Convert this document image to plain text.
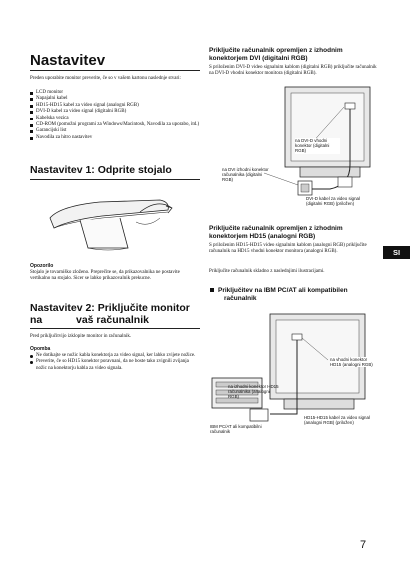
Nastavitev
Preden uporabite monitor preverite, če so v vašem kartonu naslednje stvari:
LCD monitor
Napajalni kabel
HD15-HD15 kabel za video signal (analogni RGB)
DVI-D kabel za video signal (digitalni RGB)
Kabelska vezica
CD-ROM (pomožni programi za Windows/Macintosh, Navodila za uporabo, itd.)
Garancijski list
Navodila za hitro nastavitev
Nastavitev 1: Odprite stojalo
Opozorilo
Stojalo je tovarniško zloženo. Preprečite se, da prikazovalnika ne postavite vertikalno na stojalo. Sicer se lahko prikazovalnik prekucne.
Nastavitev 2: Priključite monitor na	vaš računalnik
Pred priključitvijo izklopite monitor in računalnik.
Opomba
Ne dotikajte se nožic kabla konektorja za video signal, ker lahko zvijete nožice.
Preverite, če so HD15 konektor poravnani, da ne boste tako zvignili zvijanja nožic na konektorju kabla za video signala.
Priključite računalnik opremljen z izhodnim konektorjem DVI (digitalni RGB)
S priloženim DVI-D video signalnim kablom (digitalni RGB) priključite računalnik na DVI-D vhodni konektor monitora (digitalni RGB).
na DVI-D vhodni konektor (digitalni RGB)
na DVI izhodni konektor računalnika (digitalni RGB)
DVI-D kabel za video signal (digitalni RGB) (priložen)
Priključite računalnik opremljen z izhodnim konektorjem HD15 (analogni RGB)
S priloženim HD15-HD15 video signalnim kablom (analogni RGB) priključite računalnik na HD15 vhodni konektor monitora (analogni RGB).
Priključite računalnik skladno z naslednjimi ilustracijami.
Priključitev na IBM PC/AT ali kompatibilen
računalnik
na vhodni konektor HD15 (analogni RGB)
na izhodni konektor HD15 računalnika (analogni RGB)
IBM PC/AT ali kompatibilni računalnik
HD15-HD15 kabel za video signal (analogni RGB) (priložen)
SI
7
